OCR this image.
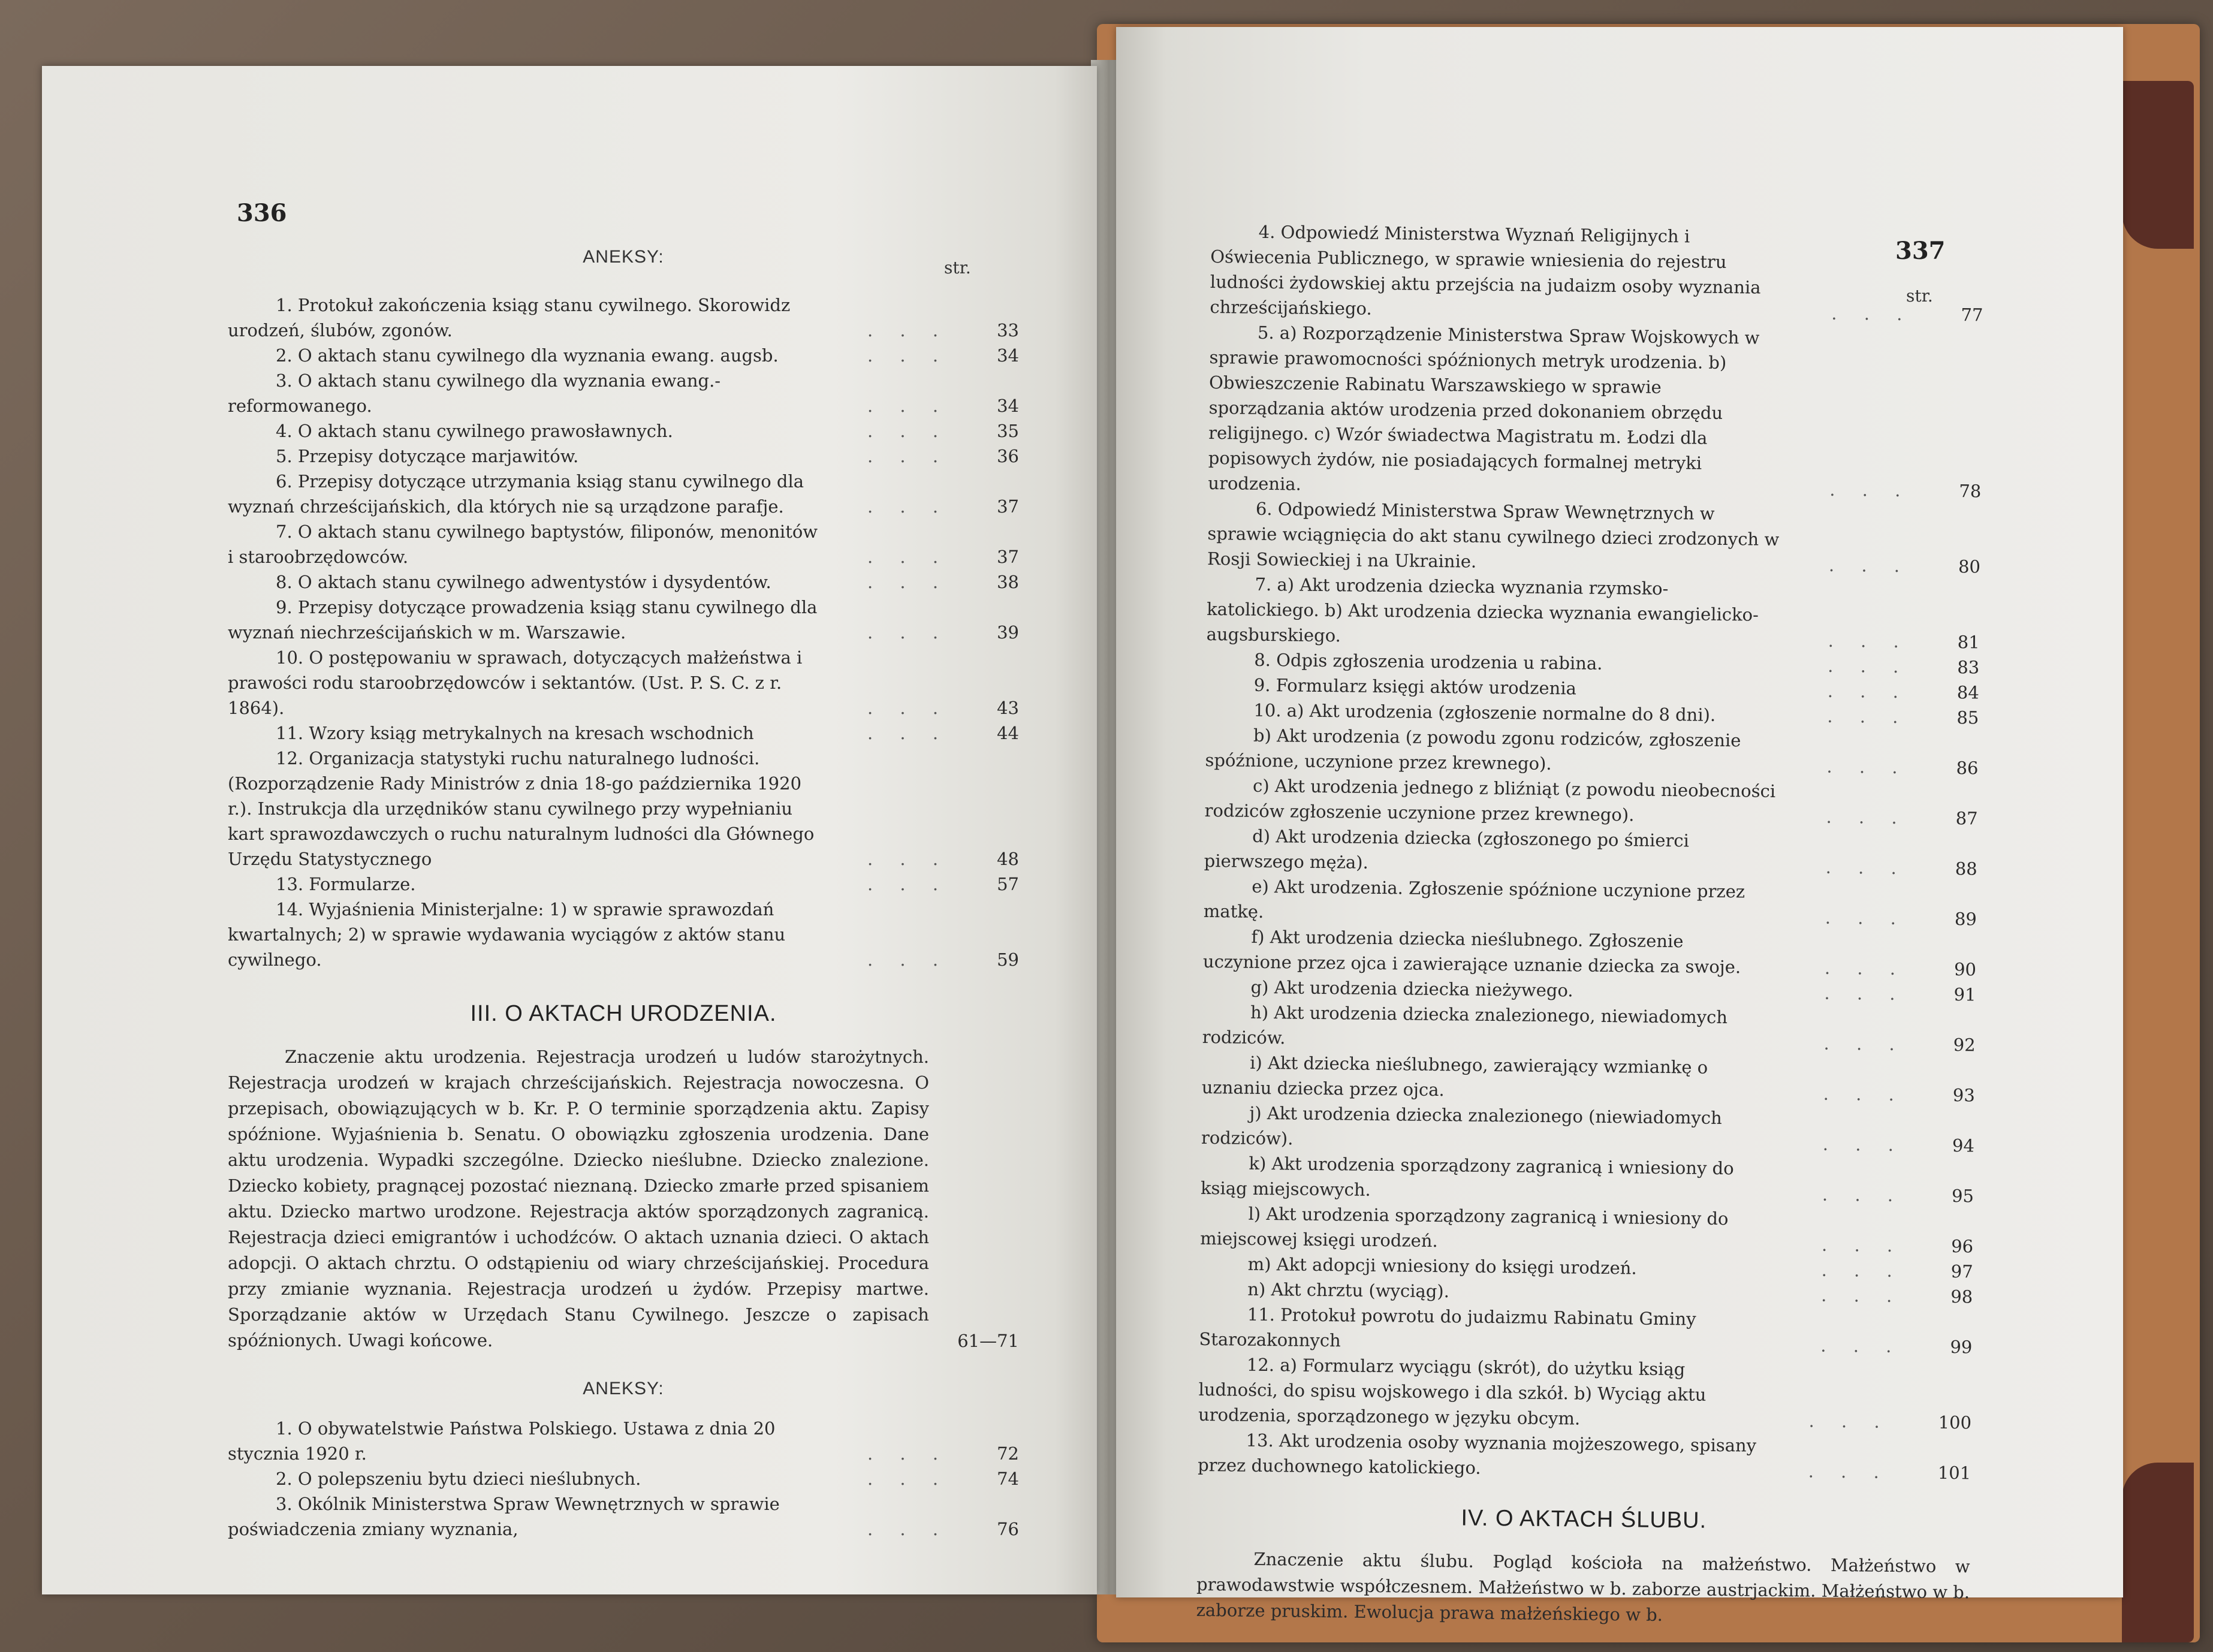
336
str.

ANEKSY:

1. Protokuł zakończenia ksiąg stanu cywilnego. Skorowidz urodzeń, ślubów, zgonów.	. . .	33
2. O aktach stanu cywilnego dla wyznania ewang. augsb.	. . .	34
3. O aktach stanu cywilnego dla wyznania ewang.-reformowanego.	. . .	34
4. O aktach stanu cywilnego prawosławnych.	. . .	35
5. Przepisy dotyczące marjawitów.	. . .	36
6. Przepisy dotyczące utrzymania ksiąg stanu cywilnego dla wyznań chrześcijańskich, dla których nie są urządzone parafje.	. . .	37
7. O aktach stanu cywilnego baptystów, filiponów, menonitów i staroobrzędowców.	. . .	37
8. O aktach stanu cywilnego adwentystów i dysydentów.	. . .	38
9. Przepisy dotyczące prowadzenia ksiąg stanu cywilnego dla wyznań niechrześcijańskich w m. Warszawie.	. . .	39
10. O postępowaniu w sprawach, dotyczących małżeństwa i prawości rodu staroobrzędowców i sektantów. (Ust. P. S. C. z r. 1864).	. . .	43
11. Wzory ksiąg metrykalnych na kresach wschodnich	. . .	44
12. Organizacja statystyki ruchu naturalnego ludności. (Rozporządzenie Rady Ministrów z dnia 18-go października 1920 r.). Instrukcja dla urzędników stanu cywilnego przy wypełnianiu kart sprawozdawczych o ruchu naturalnym ludności dla Głównego Urzędu Statystycznego	. . .	48
13. Formularze.	. . .	57
14. Wyjaśnienia Ministerjalne: 1) w sprawie sprawozdań kwartalnych; 2) w sprawie wydawania wyciągów z aktów stanu cywilnego.	. . .	59
III. O AKTACH URODZENIA.

Znaczenie aktu urodzenia. Rejestracja urodzeń u ludów starożytnych. Rejestracja urodzeń w krajach chrześcijańskich. Rejestracja nowoczesna. O przepisach, obowiązujących w b. Kr. P. O terminie sporządzenia aktu. Zapisy spóźnione. Wyjaśnienia b. Senatu. O obowiązku zgłoszenia urodzenia. Dane aktu urodzenia. Wypadki szczególne. Dziecko nieślubne. Dziecko znalezione. Dziecko kobiety, pragnącej pozostać nieznaną. Dziecko zmarłe przed spisaniem aktu. Dziecko martwo urodzone. Rejestracja aktów sporządzonych zagranicą. Rejestracja dzieci emigrantów i uchodźców. O aktach uznania dzieci. O aktach adopcji. O aktach chrztu. O odstąpieniu od wiary chrześcijańskiej. Procedura przy zmianie wyznania. Rejestracja urodzeń u żydów. Przepisy martwe. Sporządzanie aktów w Urzędach Stanu Cywilnego. Jeszcze o zapisach spóźnionych. Uwagi końcowe.	61—71

ANEKSY:

1. O obywatelstwie Państwa Polskiego. Ustawa z dnia 20 stycznia 1920 r.	. . .	72
2. O polepszeniu bytu dzieci nieślubnych.	. . .	74
3. Okólnik Ministerstwa Spraw Wewnętrznych w sprawie poświadczenia zmiany wyznania,	. . .	76
337
str.
4. Odpowiedź Ministerstwa Wyznań Religijnych i Oświecenia Publicznego, w sprawie wniesienia do rejestru ludności żydowskiej aktu przejścia na judaizm osoby wyznania chrześcijańskiego.	. . .	77
5. a) Rozporządzenie Ministerstwa Spraw Wojskowych w sprawie prawomocności spóźnionych metryk urodzenia. b) Obwieszczenie Rabinatu Warszawskiego w sprawie sporządzania aktów urodzenia przed dokonaniem obrzędu religijnego. c) Wzór świadectwa Magistratu m. Łodzi dla popisowych żydów, nie posiadających formalnej metryki urodzenia.	. . .	78
6. Odpowiedź Ministerstwa Spraw Wewnętrznych w sprawie wciągnięcia do akt stanu cywilnego dzieci zrodzonych w Rosji Sowieckiej i na Ukrainie.	. . .	80
7. a) Akt urodzenia dziecka wyznania rzymsko-katolickiego. b) Akt urodzenia dziecka wyznania ewangielicko-augsburskiego.	. . .	81
8. Odpis zgłoszenia urodzenia u rabina.	. . .	83
9. Formularz księgi aktów urodzenia	. . .	84
10. a) Akt urodzenia (zgłoszenie normalne do 8 dni).	. . .	85
b) Akt urodzenia (z powodu zgonu rodziców, zgłoszenie spóźnione, uczynione przez krewnego).	. . .	86
c) Akt urodzenia jednego z bliźniąt (z powodu nieobecności rodziców zgłoszenie uczynione przez krewnego).	. . .	87
d) Akt urodzenia dziecka (zgłoszonego po śmierci pierwszego męża).	. . .	88
e) Akt urodzenia. Zgłoszenie spóźnione uczynione przez matkę.	. . .	89
f) Akt urodzenia dziecka nieślubnego. Zgłoszenie uczynione przez ojca i zawierające uznanie dziecka za swoje.	. . .	90
g) Akt urodzenia dziecka nieżywego.	. . .	91
h) Akt urodzenia dziecka znalezionego, niewiadomych rodziców.	. . .	92
i) Akt dziecka nieślubnego, zawierający wzmiankę o uznaniu dziecka przez ojca.	. . .	93
j) Akt urodzenia dziecka znalezionego (niewiadomych rodziców).	. . .	94
k) Akt urodzenia sporządzony zagranicą i wniesiony do ksiąg miejscowych.	. . .	95
l) Akt urodzenia sporządzony zagranicą i wniesiony do miejscowej księgi urodzeń.	. . .	96
m) Akt adopcji wniesiony do księgi urodzeń.	. . .	97
n) Akt chrztu (wyciąg).	. . .	98
11. Protokuł powrotu do judaizmu Rabinatu Gminy Starozakonnych	. . .	99
12. a) Formularz wyciągu (skrót), do użytku ksiąg ludności, do spisu wojskowego i dla szkół. b) Wyciąg aktu urodzenia, sporządzonego w języku obcym.	. . .	100
13. Akt urodzenia osoby wyznania mojżeszowego, spisany przez duchownego katolickiego.	. . .	101
IV. O AKTACH ŚLUBU.

Znaczenie aktu ślubu. Pogląd kościoła na małżeństwo. Małżeństwo w prawodawstwie współczesnem. Małżeństwo w b. zaborze austrjackim. Małżeństwo w b. zaborze pruskim. Ewolucja prawa małżeńskiego w b.
